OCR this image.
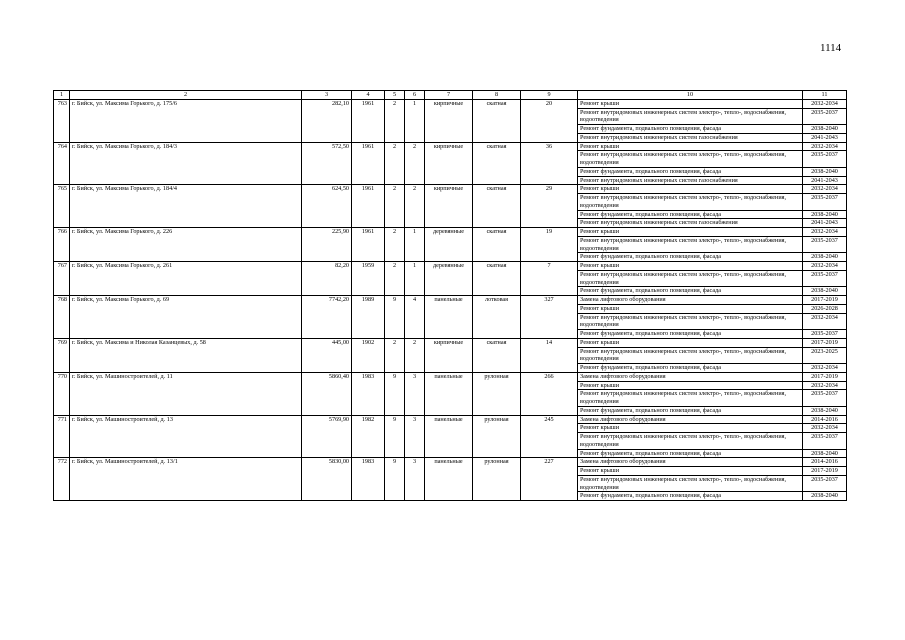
1114
1	2	3	4	5	6	7	8	9	10	11
763	г. Бийск, ул. Максима Горького, д. 175/6	282,10	1961	2	1	кирпичные	скатная	20	Ремонт крыши	2032-2034
									Ремонт внутридомовых инженерных систем электро-, тепло-, водоснабжения, водоотведения	2035-2037
									Ремонт фундамента, подвального помещения, фасада	2038-2040
									Ремонт внутридомовых инженерных систем газоснабжения	2041-2043
764	г. Бийск, ул. Максима Горького, д. 184/3	572,50	1961	2	2	кирпичные	скатная	36	Ремонт крыши	2032-2034
									Ремонт внутридомовых инженерных систем электро-, тепло-, водоснабжения, водоотведения	2035-2037
									Ремонт фундамента, подвального помещения, фасада	2038-2040
									Ремонт внутридомовых инженерных систем газоснабжения	2041-2043
765	г. Бийск, ул. Максима Горького, д. 184/4	624,50	1961	2	2	кирпичные	скатная	29	Ремонт крыши	2032-2034
									Ремонт внутридомовых инженерных систем электро-, тепло-, водоснабжения, водоотведения	2035-2037
									Ремонт фундамента, подвального помещения, фасада	2038-2040
									Ремонт внутридомовых инженерных систем газоснабжения	2041-2043
766	г. Бийск, ул. Максима Горького, д. 226	225,90	1961	2	1	деревянные	скатная	19	Ремонт крыши	2032-2034
									Ремонт внутридомовых инженерных систем электро-, тепло-, водоснабжения, водоотведения	2035-2037
									Ремонт фундамента, подвального помещения, фасада	2038-2040
767	г. Бийск, ул. Максима Горького, д. 261	82,20	1959	2	1	деревянные	скатная	7	Ремонт крыши	2032-2034
									Ремонт внутридомовых инженерных систем электро-, тепло-, водоснабжения, водоотведения	2035-2037
									Ремонт фундамента, подвального помещения, фасада	2038-2040
768	г. Бийск, ул. Максима Горького, д. 69	7742,20	1989	9	4	панельные	лотковая	327	Замена лифтового оборудования	2017-2019
									Ремонт крыши	2026-2028
									Ремонт внутридомовых инженерных систем электро-, тепло-, водоснабжения, водоотведения	2032-2034
									Ремонт фундамента, подвального помещения, фасада	2035-2037
769	г. Бийск, ул. Максима и Николая Казанцевых, д. 58	445,00	1902	2	2	кирпичные	скатная	14	Ремонт крыши	2017-2019
									Ремонт внутридомовых инженерных систем электро-, тепло-, водоснабжения, водоотведения	2023-2025
									Ремонт фундамента, подвального помещения, фасада	2032-2034
770	г. Бийск, ул. Машиностроителей, д. 11	5860,40	1983	9	3	панельные	рулонная	266	Замена лифтового оборудования	2017-2019
									Ремонт крыши	2032-2034
									Ремонт внутридомовых инженерных систем электро-, тепло-, водоснабжения, водоотведения	2035-2037
									Ремонт фундамента, подвального помещения, фасада	2038-2040
771	г. Бийск, ул. Машиностроителей, д. 13	5769,90	1982	9	3	панельные	рулонная	245	Замена лифтового оборудования	2014-2016
									Ремонт крыши	2032-2034
									Ремонт внутридомовых инженерных систем электро-, тепло-, водоснабжения, водоотведения	2035-2037
									Ремонт фундамента, подвального помещения, фасада	2038-2040
772	г. Бийск, ул. Машиностроителей, д. 13/1	5830,00	1983	9	3	панельные	рулонная	227	Замена лифтового оборудования	2014-2016
									Ремонт крыши	2017-2019
									Ремонт внутридомовых инженерных систем электро-, тепло-, водоснабжения, водоотведения	2035-2037
									Ремонт фундамента, подвального помещения, фасада	2038-2040
